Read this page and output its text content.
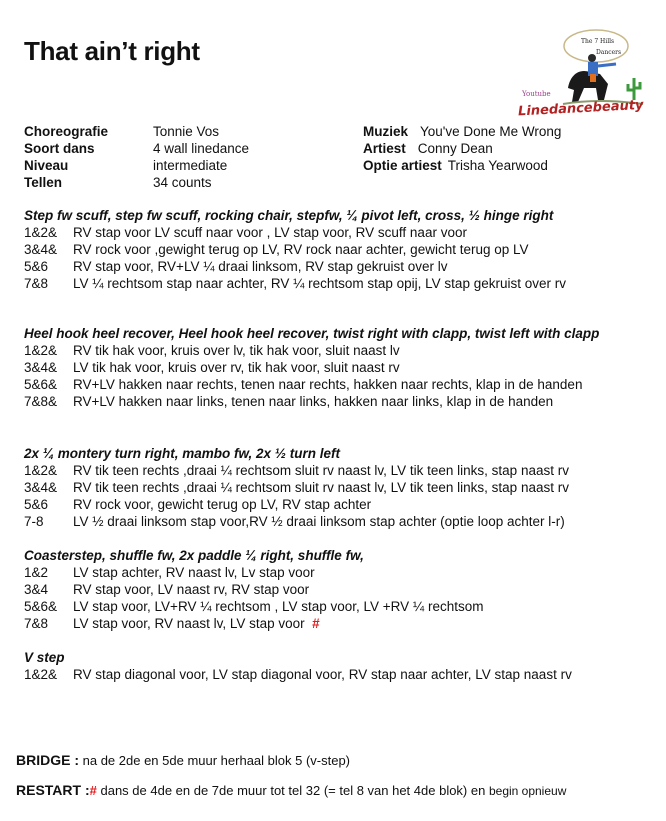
That ain’t right	The 7 Hills
Dancers
Youtube
Linedancebeauty
Choreografie	Tonnie Vos
Soort dans	4 wall linedance
Niveau	intermediate
Tellen	34 counts
Muziek You've Done Me Wrong
Artiest Conny Dean
Optie artiest Trisha Yearwood

Step fw scuff, step fw scuff, rocking chair, stepfw, ¼ pivot left, cross, ½ hinge right

1&2&	RV stap voor LV scuff naar voor , LV stap voor, RV scuff naar voor
3&4&	RV rock voor ,gewight terug op LV, RV rock naar achter, gewicht terug op LV
5&6	RV stap voor, RV+LV ¼ draai linksom, RV stap gekruist over lv
7&8	LV ¼ rechtsom stap naar achter, RV ¼ rechtsom stap opij, LV stap gekruist over rv

Heel hook heel recover, Heel hook heel recover, twist right with clapp, twist left with clapp

1&2&	RV tik hak voor, kruis over lv, tik hak voor, sluit naast lv
3&4&	LV tik hak voor, kruis over rv, tik hak voor, sluit naast rv
5&6&	RV+LV hakken naar rechts, tenen naar rechts, hakken naar rechts, klap in de handen
7&8&	RV+LV hakken naar links, tenen naar links, hakken naar links, klap in de handen

2x ¼ montery turn right, mambo fw, 2x ½ turn left

1&2&	RV tik teen rechts ,draai ¼ rechtsom sluit rv naast lv, LV tik teen links, stap naast rv
3&4&	RV tik teen rechts ,draai ¼ rechtsom sluit rv naast lv, LV tik teen links, stap naast rv
5&6	RV rock voor, gewicht terug op LV, RV stap achter
7-8	LV ½ draai linksom stap voor,RV ½ draai linksom stap achter (optie loop achter l-r)

Coasterstep, shuffle fw, 2x paddle ¼ right, shuffle fw,

1&2	LV stap achter, RV naast lv, Lv stap voor
3&4	RV stap voor, LV naast rv, RV stap voor
5&6&	LV stap voor, LV+RV ¼ rechtsom , LV stap voor, LV +RV ¼ rechtsom
7&8	LV stap voor, RV naast lv, LV stap voor #

V step

1&2&	RV stap diagonal voor, LV stap diagonal voor, RV stap naar achter, LV stap naast rv
BRIDGE : na de 2de en 5de muur herhaal blok 5 (v-step)
RESTART :# dans de 4de en de 7de muur tot tel 32 (= tel 8 van het 4de blok) en begin opnieuw
